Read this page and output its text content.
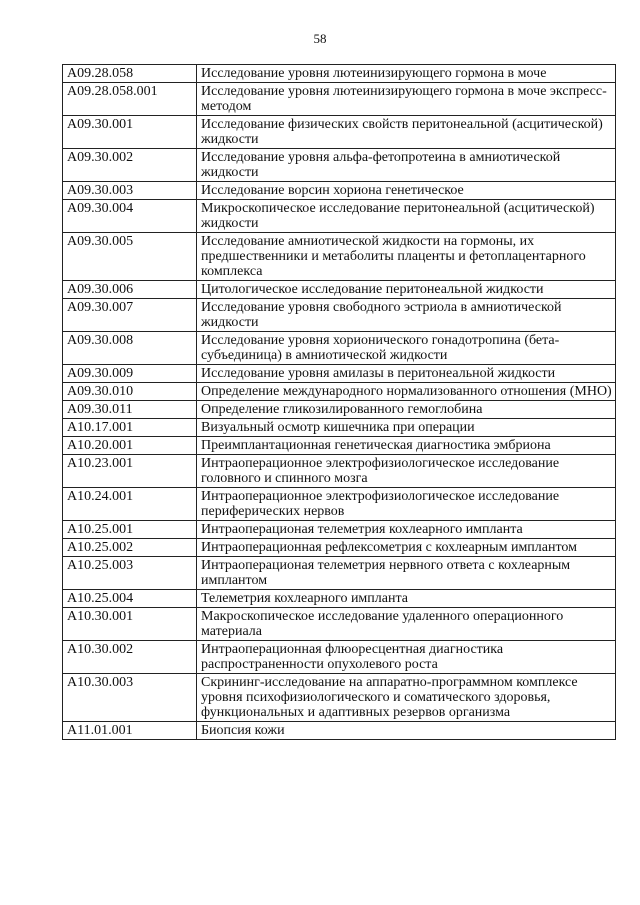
58
A09.28.058	Исследование уровня лютеинизирующего гормона в моче
A09.28.058.001	Исследование уровня лютеинизирующего гормона в моче экспресс-методом
A09.30.001	Исследование физических свойств перитонеальной (асцитической) жидкости
A09.30.002	Исследование уровня альфа-фетопротеина в амниотической жидкости
A09.30.003	Исследование ворсин хориона генетическое
A09.30.004	Микроскопическое исследование перитонеальной (асцитической) жидкости
A09.30.005	Исследование амниотической жидкости на гормоны, их предшественники и метаболиты плаценты и фетоплацентарного комплекса
A09.30.006	Цитологическое исследование перитонеальной жидкости
A09.30.007	Исследование уровня свободного эстриола в амниотической жидкости
A09.30.008	Исследование уровня хорионического гонадотропина (бета-субъединица) в амниотической жидкости
A09.30.009	Исследование уровня амилазы в перитонеальной жидкости
A09.30.010	Определение международного нормализованного отношения (МНО)
A09.30.011	Определение гликозилированного гемоглобина
A10.17.001	Визуальный осмотр кишечника при операции
A10.20.001	Преимплантационная генетическая диагностика эмбриона
A10.23.001	Интраоперационное электрофизиологическое исследование головного и спинного мозга
A10.24.001	Интраоперационное электрофизиологическое исследование периферических нервов
A10.25.001	Интраоперационая телеметрия кохлеарного импланта
A10.25.002	Интраоперационная рефлексометрия с кохлеарным имплантом
A10.25.003	Интраоперационая телеметрия нервного ответа с кохлеарным имплантом
A10.25.004	Телеметрия кохлеарного импланта
A10.30.001	Макроскопическое исследование удаленного операционного материала
A10.30.002	Интраоперационная флюоресцентная диагностика распространенности опухолевого роста
A10.30.003	Скрининг-исследование на аппаратно-программном комплексе уровня психофизиологического и соматического здоровья, функциональных и адаптивных резервов организма
A11.01.001	Биопсия кожи
